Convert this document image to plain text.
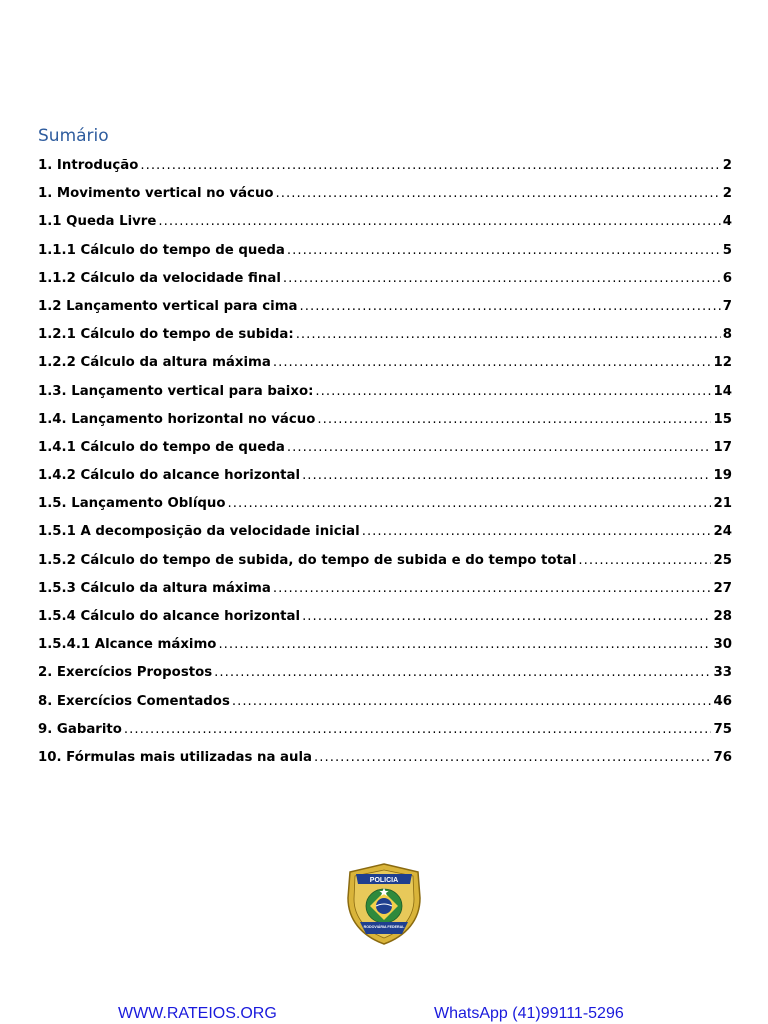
Sumário
1. Introdução .....	2
1. Movimento vertical no vácuo .....	2
1.1 Queda Livre .....	4
1.1.1 Cálculo do tempo de queda .....	5
1.1.2 Cálculo da velocidade final .....	6
1.2 Lançamento vertical para cima .....	7
1.2.1 Cálculo do tempo de subida: .....	8
1.2.2 Cálculo da altura máxima .....	12
1.3. Lançamento vertical para baixo: .....	14
1.4. Lançamento horizontal no vácuo .....	15
1.4.1 Cálculo do tempo de queda .....	17
1.4.2 Cálculo do alcance horizontal .....	19
1.5. Lançamento Oblíquo .....	21
1.5.1 A decomposição da velocidade inicial .....	24
1.5.2 Cálculo do tempo de subida, do tempo de subida e do tempo total .....	25
1.5.3 Cálculo da altura máxima .....	27
1.5.4 Cálculo do alcance horizontal .....	28
1.5.4.1 Alcance máximo .....	30
2. Exercícios Propostos .....	33
8. Exercícios Comentados .....	46
9. Gabarito .....	75
10. Fórmulas mais utilizadas na aula .....	76
POLICIA
RODOVIÁRIA FEDERAL
WWW.RATEIOS.ORG	WhatsApp (41)99111-5296
